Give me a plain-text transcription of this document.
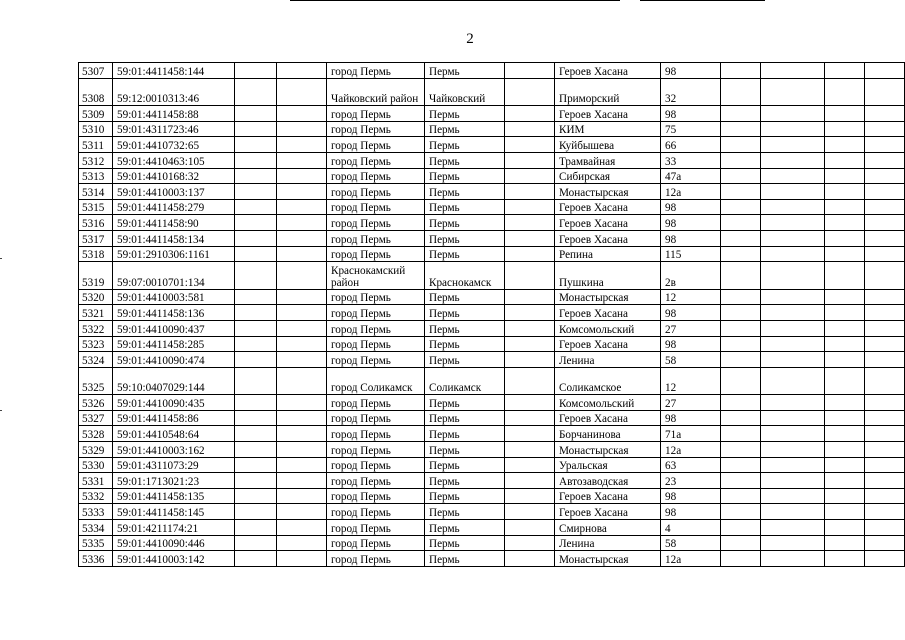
2
5307	59:01:4411458:144			город Пермь	Пермь		Героев Хасана	98				
5308	59:12:0010313:46			Чайковский район	Чайковский		Приморский	32				
5309	59:01:4411458:88			город Пермь	Пермь		Героев Хасана	98				
5310	59:01:4311723:46			город Пермь	Пермь		КИМ	75				
5311	59:01:4410732:65			город Пермь	Пермь		Куйбышева	66				
5312	59:01:4410463:105			город Пермь	Пермь		Трамвайная	33				
5313	59:01:4410168:32			город Пермь	Пермь		Сибирская	47а				
5314	59:01:4410003:137			город Пермь	Пермь		Монастырская	12а				
5315	59:01:4411458:279			город Пермь	Пермь		Героев Хасана	98				
5316	59:01:4411458:90			город Пермь	Пермь		Героев Хасана	98				
5317	59:01:4411458:134			город Пермь	Пермь		Героев Хасана	98				
5318	59:01:2910306:1161			город Пермь	Пермь		Репина	115				
5319	59:07:0010701:134			Краснокамский район	Краснокамск		Пушкина	2в				
5320	59:01:4410003:581			город Пермь	Пермь		Монастырская	12				
5321	59:01:4411458:136			город Пермь	Пермь		Героев Хасана	98				
5322	59:01:4410090:437			город Пермь	Пермь		Комсомольский	27				
5323	59:01:4411458:285			город Пермь	Пермь		Героев Хасана	98				
5324	59:01:4410090:474			город Пермь	Пермь		Ленина	58				
5325	59:10:0407029:144			город Соликамск	Соликамск		Соликамское	12				
5326	59:01:4410090:435			город Пермь	Пермь		Комсомольский	27				
5327	59:01:4411458:86			город Пермь	Пермь		Героев Хасана	98				
5328	59:01:4410548:64			город Пермь	Пермь		Борчанинова	71а				
5329	59:01:4410003:162			город Пермь	Пермь		Монастырская	12а				
5330	59:01:4311073:29			город Пермь	Пермь		Уральская	63				
5331	59:01:1713021:23			город Пермь	Пермь		Автозаводская	23				
5332	59:01:4411458:135			город Пермь	Пермь		Героев Хасана	98				
5333	59:01:4411458:145			город Пермь	Пермь		Героев Хасана	98				
5334	59:01:4211174:21			город Пермь	Пермь		Смирнова	4				
5335	59:01:4410090:446			город Пермь	Пермь		Ленина	58				
5336	59:01:4410003:142			город Пермь	Пермь		Монастырская	12а				
